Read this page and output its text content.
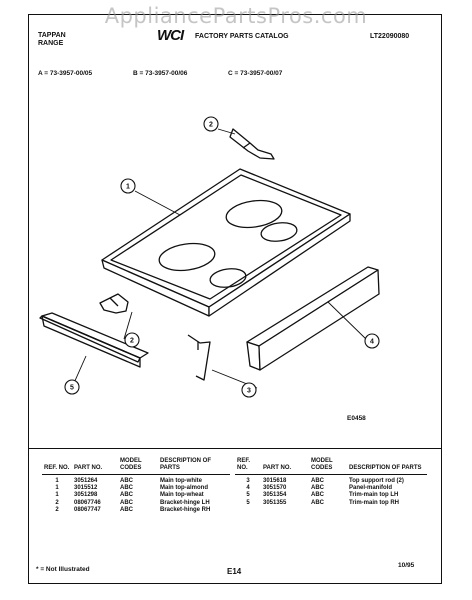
AppliancePartsPros.com
TAPPAN
RANGE	WCI FACTORY PARTS CATALOG	LT22090080
A = 73-3957-00/05	B = 73-3957-00/06	C = 73-3957-00/07
1
2
2
3
4
5
E0458
REF. NO.	PART NO.	MODEL CODES	DESCRIPTION OF PARTS

1	3051264	ABC	Main top-white
1	3015512	ABC	Main top-almond
1	3051298	ABC	Main top-wheat
2	08067746	ABC	Bracket-hinge LH
2	08067747	ABC	Bracket-hinge RH
REF. NO.	PART NO.	MODEL CODES	DESCRIPTION OF PARTS

3	3015618	ABC	Top support rod (2)
4	3051570	ABC	Panel-manifold
5	3051354	ABC	Trim-main top LH
5	3051355	ABC	Trim-main top RH
* = Not Illustrated	E14
10/95
